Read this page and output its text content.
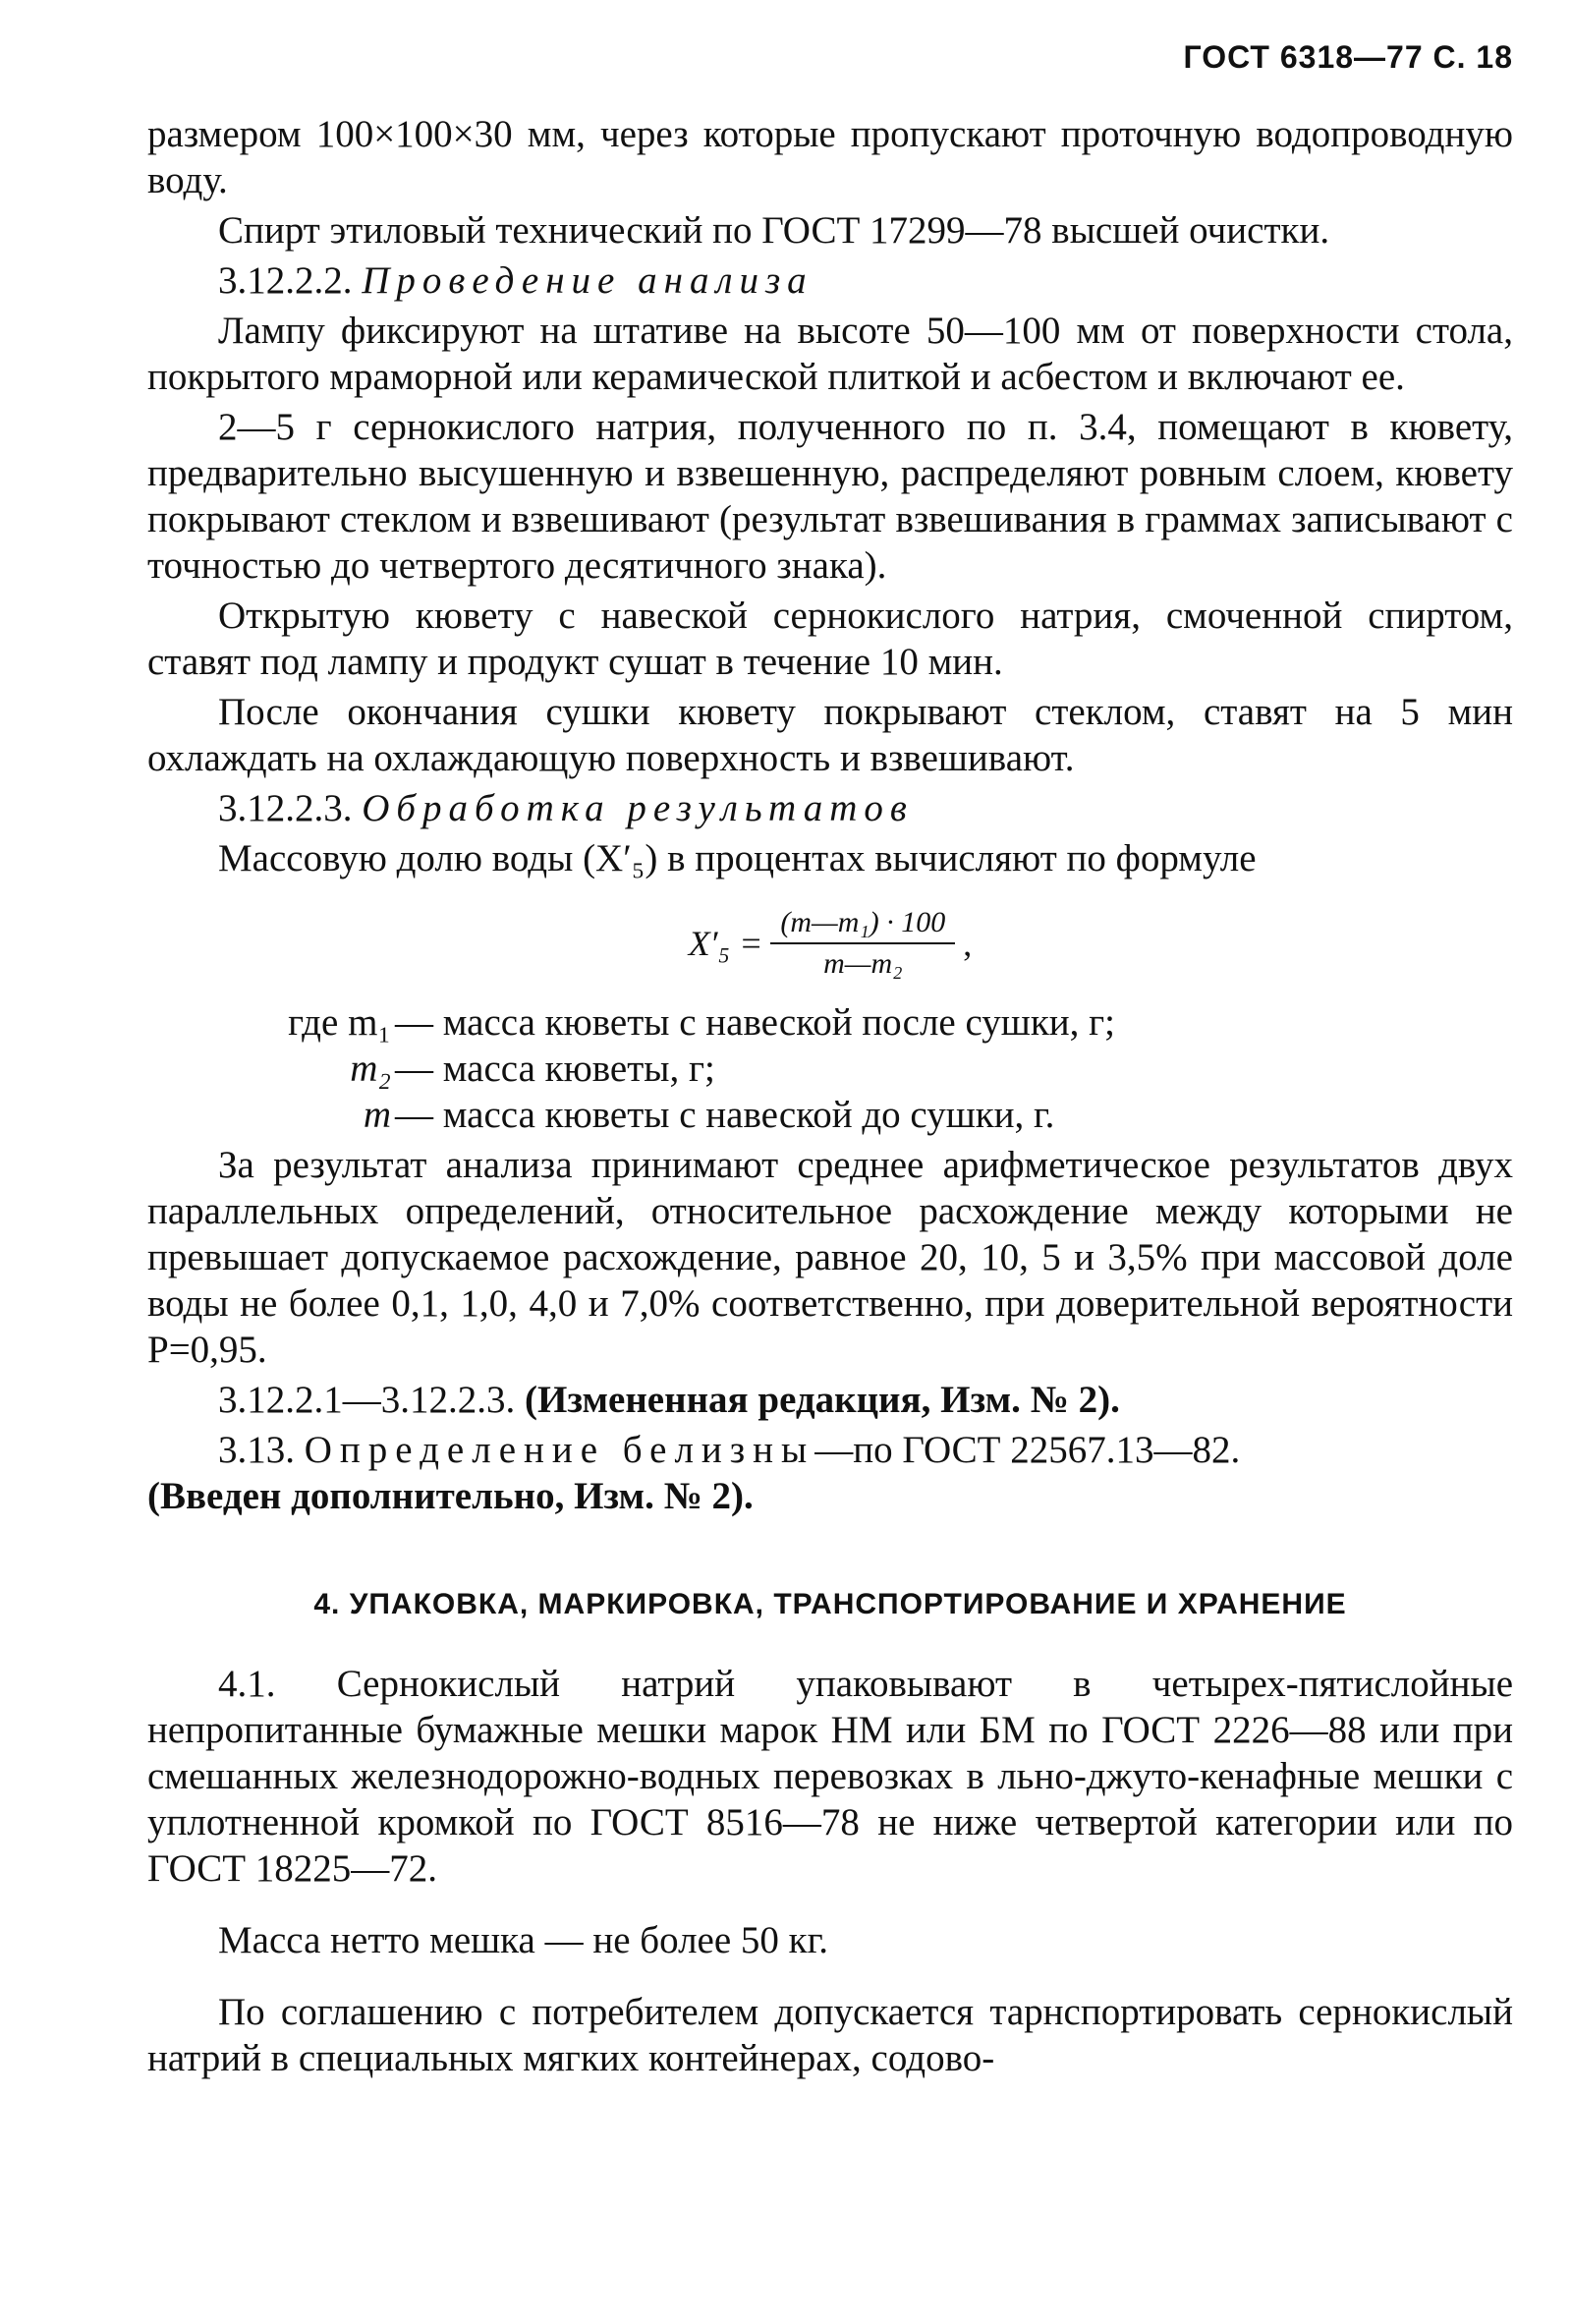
ГОСТ 6318—77 С. 18

размером 100×100×30 мм, через которые пропускают проточную водопроводную воду.

Спирт этиловый технический по ГОСТ 17299—78 высшей очистки.

3.12.2.2. Проведение анализа

Лампу фиксируют на штативе на высоте 50—100 мм от поверхности стола, покрытого мраморной или керамической плиткой и асбестом и включают ее.

2—5 г сернокислого натрия, полученного по п. 3.4, помещают в кювету, предварительно высушенную и взвешенную, распределяют ровным слоем, кювету покрывают стеклом и взвешивают (результат взвешивания в граммах записывают с точностью до четвертого десятичного знака).

Открытую кювету с навеской сернокислого натрия, смоченной спиртом, ставят под лампу и продукт сушат в течение 10 мин.

После окончания сушки кювету покрывают стеклом, ставят на 5 мин охлаждать на охлаждающую поверхность и взвешивают.

3.12.2.3. Обработка результатов

Массовую долю воды (X′₅) в процентах вычисляют по формуле

$X'_5 = \frac{\text{(m—m₁) · 100}}{\text{m—m₂}}$ ,
где m₁ — масса кюветы с навеской после сушки, г;
m₂ — масса кюветы, г;
m — масса кюветы с навеской до сушки, г.

За результат анализа принимают среднее арифметическое результатов двух параллельных определений, относительное расхождение между которыми не превышает допускаемое расхождение, равное 20, 10, 5 и 3,5% при массовой доле воды не более 0,1, 1,0, 4,0 и 7,0% соответственно, при доверительной вероятности P=0,95.

3.12.2.1—3.12.2.3. (Измененная редакция, Изм. № 2).

3.13. Определение белизны—по ГОСТ 22567.13—82.

(Введен дополнительно, Изм. № 2).

4. УПАКОВКА, МАРКИРОВКА, ТРАНСПОРТИРОВАНИЕ И ХРАНЕНИЕ

4.1. Сернокислый натрий упаковывают в четырех-пятислойные непропитанные бумажные мешки марок НМ или БМ по ГОСТ 2226—88 или при смешанных железнодорожно-водных перевозках в льно-джуто-кенафные мешки с уплотненной кромкой по ГОСТ 8516—78 не ниже четвертой категории или по ГОСТ 18225—72.

Масса нетто мешка — не более 50 кг.

По соглашению с потребителем допускается тарнспортировать сернокислый натрий в специальных мягких контейнерах, содово-
